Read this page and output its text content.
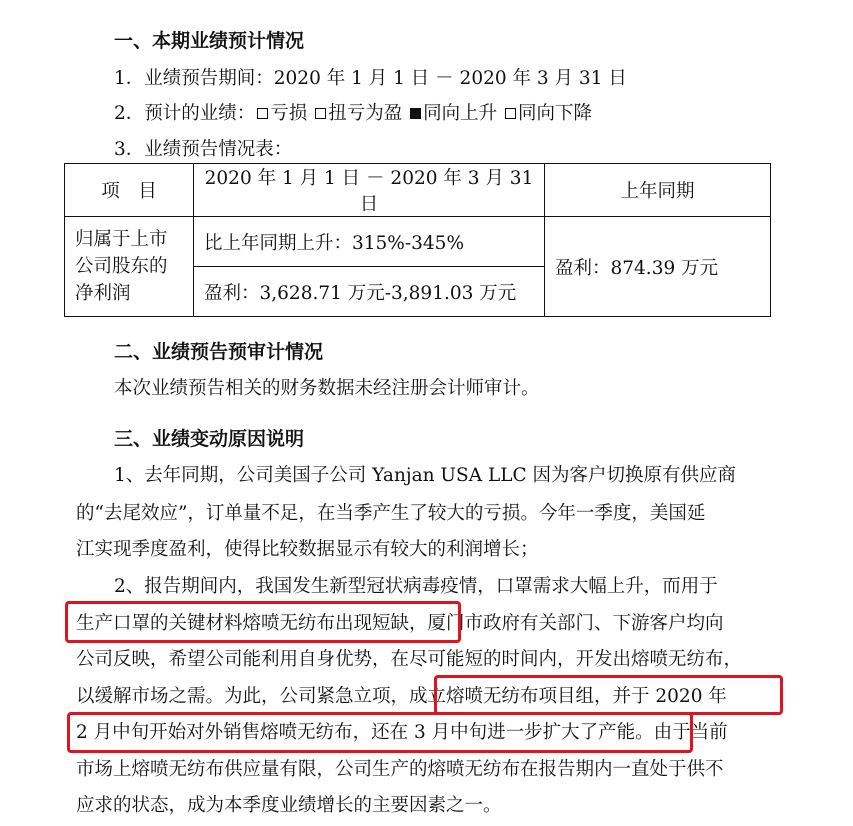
一、本期业绩预计情况
1．业绩预告期间：2020 年 1 月 1 日 － 2020 年 3 月 31 日
2．预计的业绩： 亏损 扭亏为盈 同向上升 同向下降
3．业绩预告情况表：
项　目	2020 年 1 月 1 日 － 2020 年 3 月 31 日	上年同期

归属于上市
公司股东的
净利润	比上年同期上升：315%-345%	盈利：874.39 万元
	盈利：3,628.71 万元-3,891.03 万元	
二、业绩预告预审计情况
本次业绩预告相关的财务数据未经注册会计师审计。
三、业绩变动原因说明
1、去年同期，公司美国子公司 Yanjan USA LLC 因为客户切换原有供应商
的“去尾效应”，订单量不足，在当季产生了较大的亏损。今年一季度，美国延
江实现季度盈利，使得比较数据显示有较大的利润增长；
2、报告期间内，我国发生新型冠状病毒疫情，口罩需求大幅上升，而用于
生产口罩的关键材料熔喷无纺布出现短缺，厦门市政府有关部门、下游客户均向
公司反映，希望公司能利用自身优势，在尽可能短的时间内，开发出熔喷无纺布，
以缓解市场之需。为此，公司紧急立项，成立熔喷无纺布项目组，并于 2020 年
2 月中旬开始对外销售熔喷无纺布，还在 3 月中旬进一步扩大了产能。由于当前
市场上熔喷无纺布供应量有限，公司生产的熔喷无纺布在报告期内一直处于供不
应求的状态，成为本季度业绩增长的主要因素之一。
